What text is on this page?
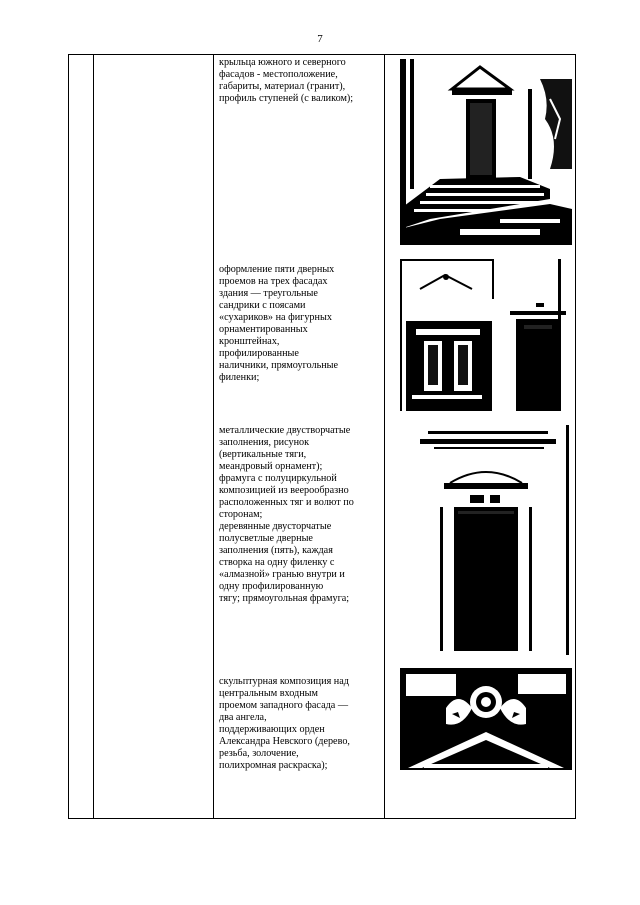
7

крыльца южного и северного

фасадов - местоположение,

габариты, материал (гранит),

профиль ступеней (с валиком);

оформление пяти дверных

проемов на трех фасадах

здания — треугольные

сандрики с поясами

«сухариков» на фигурных

орнаментированных

кронштейнах,

профилированные

наличники, прямоугольные

филенки;

металлические двустворчатые

заполнения, рисунок

(вертикальные тяги,

меандровый орнамент);

фрамуга с полуциркульной

композицией из веерообразно

расположенных тяг и волют по

сторонам;

деревянные двусторчатые

полусветлые дверные

заполнения (пять), каждая

створка на одну филенку с

«алмазной» гранью внутри и

одну профилированную

тягу; прямоугольная фрамуга;

скульптурная композиция над

центральным входным

проемом западного фасада —

два ангела,

поддерживающих орден

Александра Невского (дерево,

резьба, золочение,

полихромная раскраска);
